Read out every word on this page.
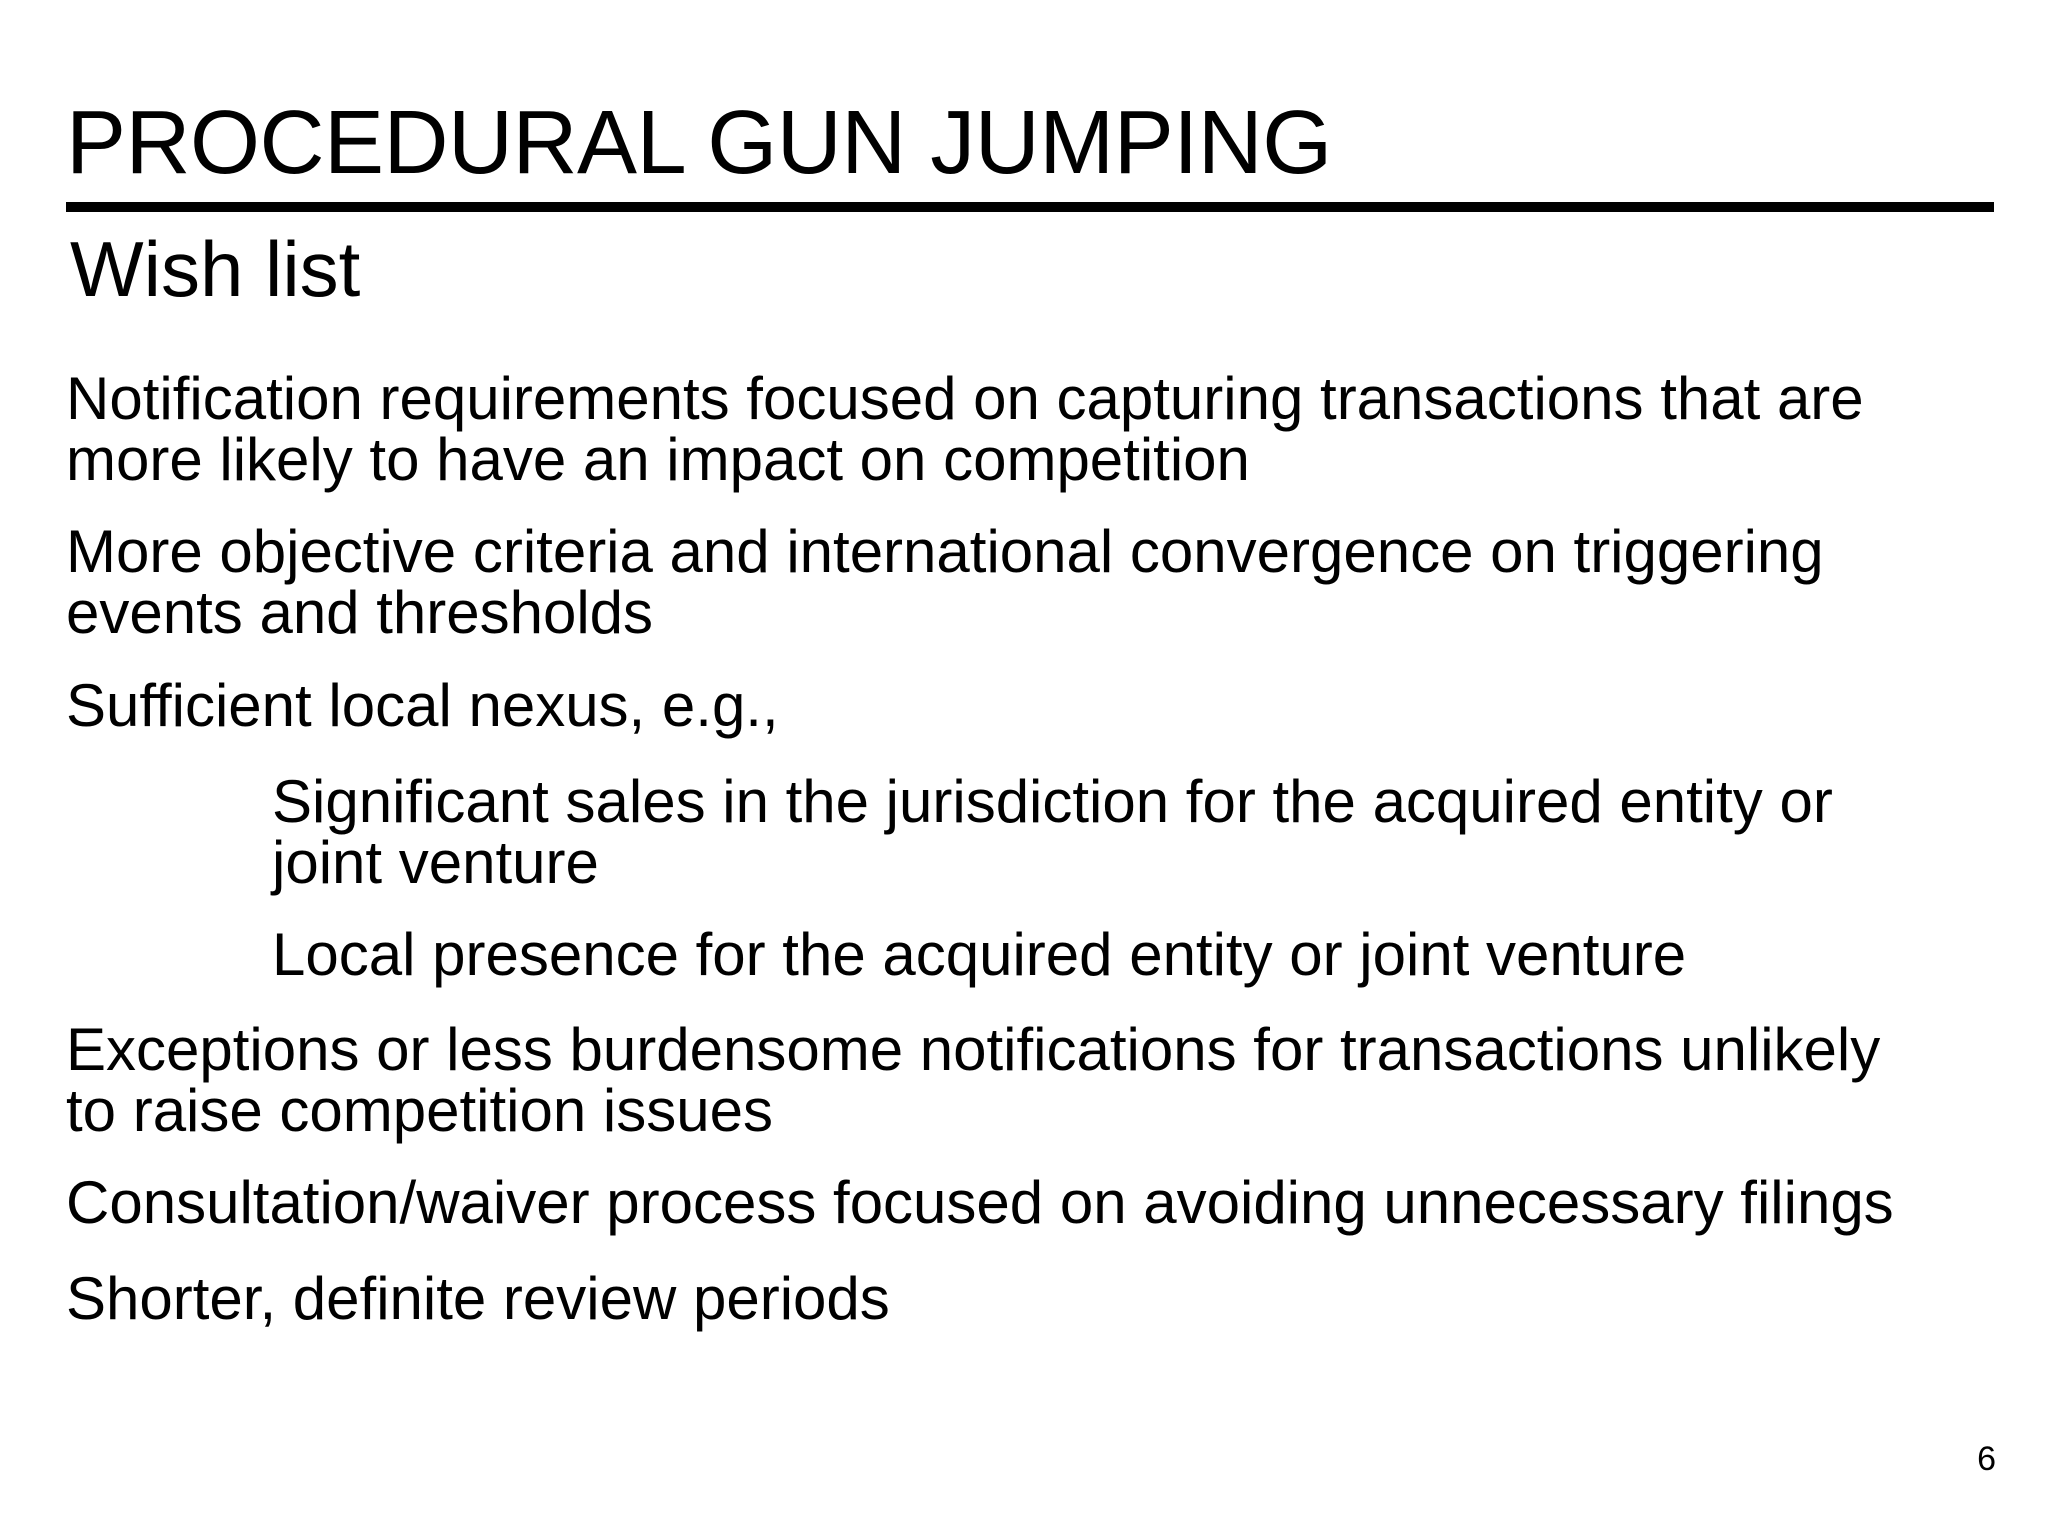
PROCEDURAL GUN JUMPING
Wish list

Notification requirements focused on capturing transactions that are
more likely to have an impact on competition

More objective criteria and international convergence on triggering
events and thresholds

Sufficient local nexus, e.g.,

Significant sales in the jurisdiction for the acquired entity or
joint venture

Local presence for the acquired entity or joint venture

Exceptions or less burdensome notifications for transactions unlikely
to raise competition issues

Consultation/waiver process focused on avoiding unnecessary filings

Shorter, definite review periods

6
